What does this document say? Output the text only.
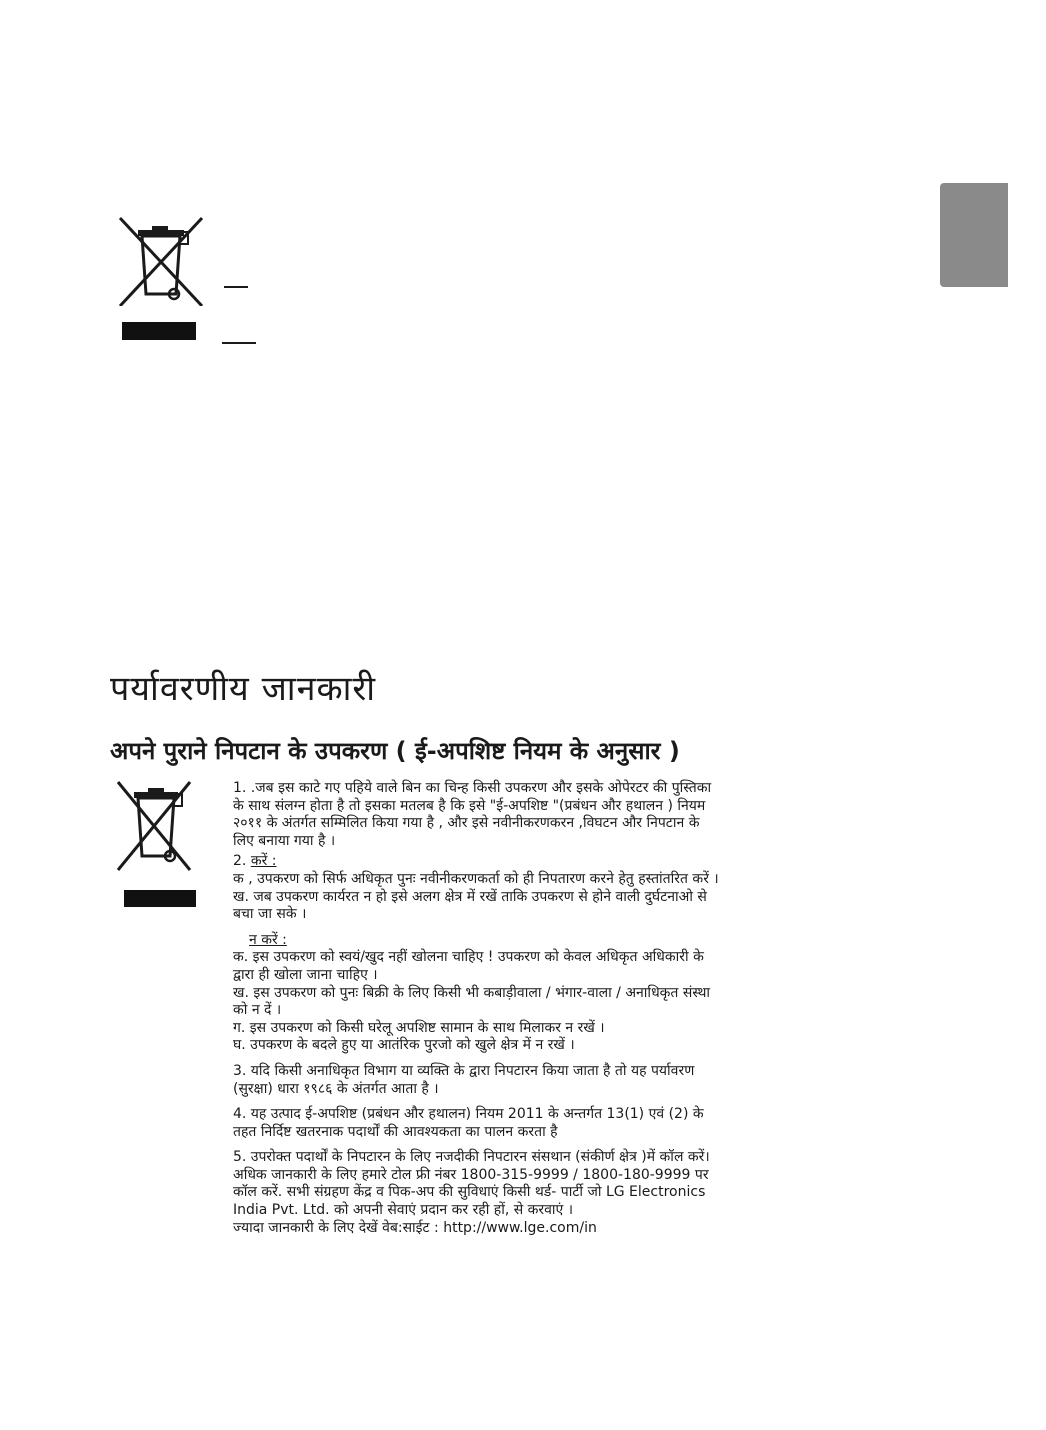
पर्यावरणीय जानकारी
अपने पुराने निपटान के उपकरण ( ई-अपशिष्ट नियम के अनुसार )

1. .जब इस काटे गए पहिये वाले बिन का चिन्ह किसी उपकरण और इसके ओपेरटर की पुस्तिका के साथ संलग्न होता है तो इसका मतलब है कि इसे "ई-अपशिष्ट "(प्रबंधन और हथालन ) नियम २०११ के अंतर्गत सम्मिलित किया गया है , और इसे नवीनीकरणकरन ,विघटन और निपटान के लिए बनाया गया है ।

2. करें :

क , उपकरण को सिर्फ अधिकृत पुनः नवीनीकरणकर्ता को ही निपतारण करने हेतु हस्तांतरित करें ।

ख. जब उपकरण कार्यरत न हो इसे अलग क्षेत्र में रखें ताकि उपकरण से होने वाली दुर्घटनाओ से बचा जा सके ।

न करें :

क. इस उपकरण को स्वयं/खुद नहीं खोलना चाहिए ! उपकरण को केवल अधिकृत अधिकारी के द्वारा ही खोला जाना चाहिए ।

ख. इस उपकरण को पुनः बिक्री के लिए किसी भी कबाड़ीवाला / भंगार-वाला / अनाधिकृत संस्था को न दें ।

ग. इस उपकरण को किसी घरेलू अपशिष्ट सामान के साथ मिलाकर न रखें ।

घ. उपकरण के बदले हुए या आतंरिक पुरजो को खुले क्षेत्र में न रखें ।

3. यदि किसी अनाधिकृत विभाग या व्यक्ति के द्वारा निपटारन किया जाता है तो यह पर्यावरण (सुरक्षा) धारा १९८६ के अंतर्गत आता है ।

4. यह उत्पाद ई-अपशिष्ट (प्रबंधन और हथालन) नियम 2011 के अन्तर्गत 13(1) एवं (2) के तहत निर्दिष्ट खतरनाक पदार्थों की आवश्यकता का पालन करता है

5. उपरोक्त पदार्थों के निपटारन के लिए नजदीकी निपटारन संसथान (संकीर्ण क्षेत्र )में कॉल करें। अधिक जानकारी के लिए हमारे टोल फ्री नंबर 1800-315-9999 / 1800-180-9999 पर कॉल करें. सभी संग्रहण केंद्र व पिक-अप की सुविधाएं किसी थर्ड- पार्टी जो LG Electronics India Pvt. Ltd. को अपनी सेवाएं प्रदान कर रही हों, से करवाएं ।

ज्यादा जानकारी के लिए देखें वेब:साईट : http://www.lge.com/in
